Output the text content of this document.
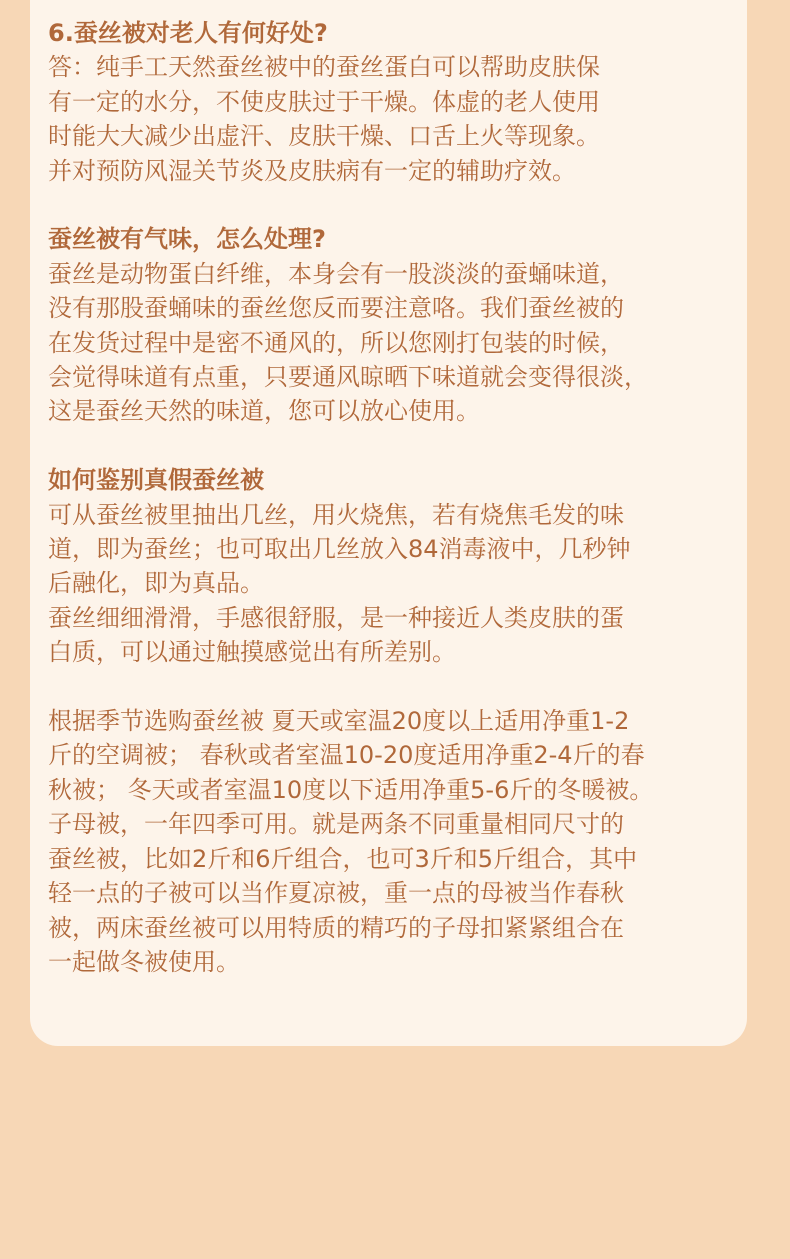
6.蚕丝被对老人有何好处?
答：纯手工天然蚕丝被中的蚕丝蛋白可以帮助皮肤保
有一定的水分，不使皮肤过于干燥。体虚的老人使用
时能大大减少出虚汗、皮肤干燥、口舌上火等现象。
并对预防风湿关节炎及皮肤病有一定的辅助疗效。
蚕丝被有气味，怎么处理?
蚕丝是动物蛋白纤维，本身会有一股淡淡的蚕蛹味道，
没有那股蚕蛹味的蚕丝您反而要注意咯。我们蚕丝被的
在发货过程中是密不通风的，所以您刚打包装的时候，
会觉得味道有点重，只要通风晾晒下味道就会变得很淡，
这是蚕丝天然的味道，您可以放心使用。
如何鉴别真假蚕丝被
可从蚕丝被里抽出几丝，用火烧焦，若有烧焦毛发的味
道，即为蚕丝；也可取出几丝放入84消毒液中，几秒钟
后融化，即为真品。
蚕丝细细滑滑，手感很舒服，是一种接近人类皮肤的蛋
白质，可以通过触摸感觉出有所差别。
根据季节选购蚕丝被 夏天或室温20度以上适用净重1-2
斤的空调被； 春秋或者室温10-20度适用净重2-4斤的春
秋被； 冬天或者室温10度以下适用净重5-6斤的冬暖被。
子母被，一年四季可用。就是两条不同重量相同尺寸的
蚕丝被，比如2斤和6斤组合，也可3斤和5斤组合，其中
轻一点的子被可以当作夏凉被，重一点的母被当作春秋
被，两床蚕丝被可以用特质的精巧的子母扣紧紧组合在
一起做冬被使用。
